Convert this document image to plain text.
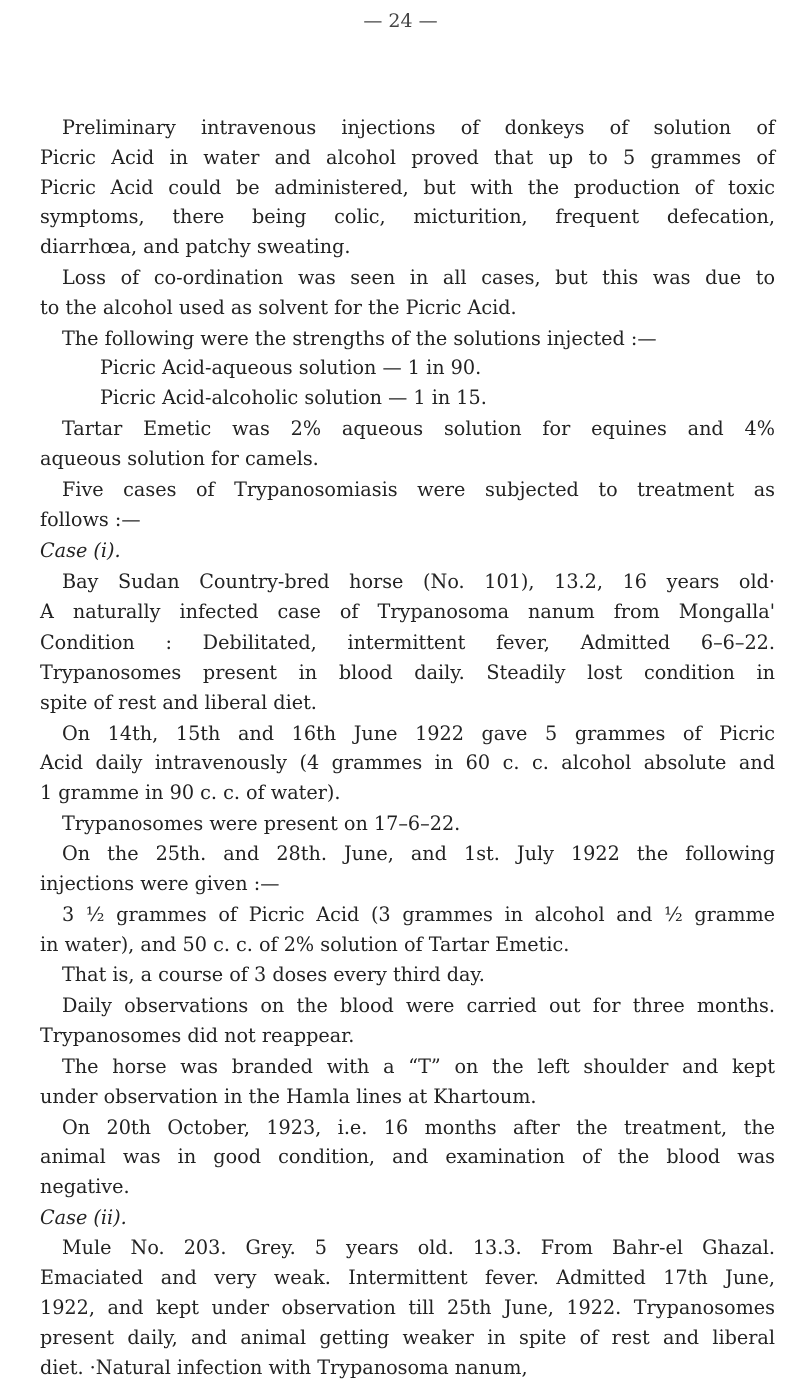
— 24 —
Preliminary intravenous injections of donkeys of solution of
Picric Acid in water and alcohol proved that up to 5 grammes of
Picric Acid could be administered, but with the production of toxic
symptoms, there being colic, micturition, frequent defecation,
diarrhœa, and patchy sweating.
Loss of co-ordination was seen in all cases, but this was due to
to the alcohol used as solvent for the Picric Acid.
The following were the strengths of the solutions injected :—
Picric Acid-aqueous solution — 1 in 90.
Picric Acid-alcoholic solution — 1 in 15.
Tartar Emetic was 2% aqueous solution for equines and 4%
aqueous solution for camels.
Five cases of Trypanosomiasis were subjected to treatment as
follows :—
Case (i).
Bay Sudan Country-bred horse (No. 101), 13.2, 16 years old·
A naturally infected case of Trypanosoma nanum from Mongalla'
Condition : Debilitated, intermittent fever, Admitted 6–6–22.
Trypanosomes present in blood daily. Steadily lost condition in
spite of rest and liberal diet.
On 14th, 15th and 16th June 1922 gave 5 grammes of Picric
Acid daily intravenously (4 grammes in 60 c. c. alcohol absolute and
1 gramme in 90 c. c. of water).
Trypanosomes were present on 17–6–22.
On the 25th. and 28th. June, and 1st. July 1922 the following
injections were given :—
3 ½ grammes of Picric Acid (3 grammes in alcohol and ½ gramme
in water), and 50 c. c. of 2% solution of Tartar Emetic.
That is, a course of 3 doses every third day.
Daily observations on the blood were carried out for three months.
Trypanosomes did not reappear.
The horse was branded with a “T” on the left shoulder and kept
under observation in the Hamla lines at Khartoum.
On 20th October, 1923, i.e. 16 months after the treatment, the
animal was in good condition, and examination of the blood was
negative.
Case (ii).
Mule No. 203. Grey. 5 years old. 13.3. From Bahr-el Ghazal.
Emaciated and very weak. Intermittent fever. Admitted 17th June,
1922, and kept under observation till 25th June, 1922. Trypanosomes
present daily, and animal getting weaker in spite of rest and liberal
diet. ·Natural infection with Trypanosoma nanum,
